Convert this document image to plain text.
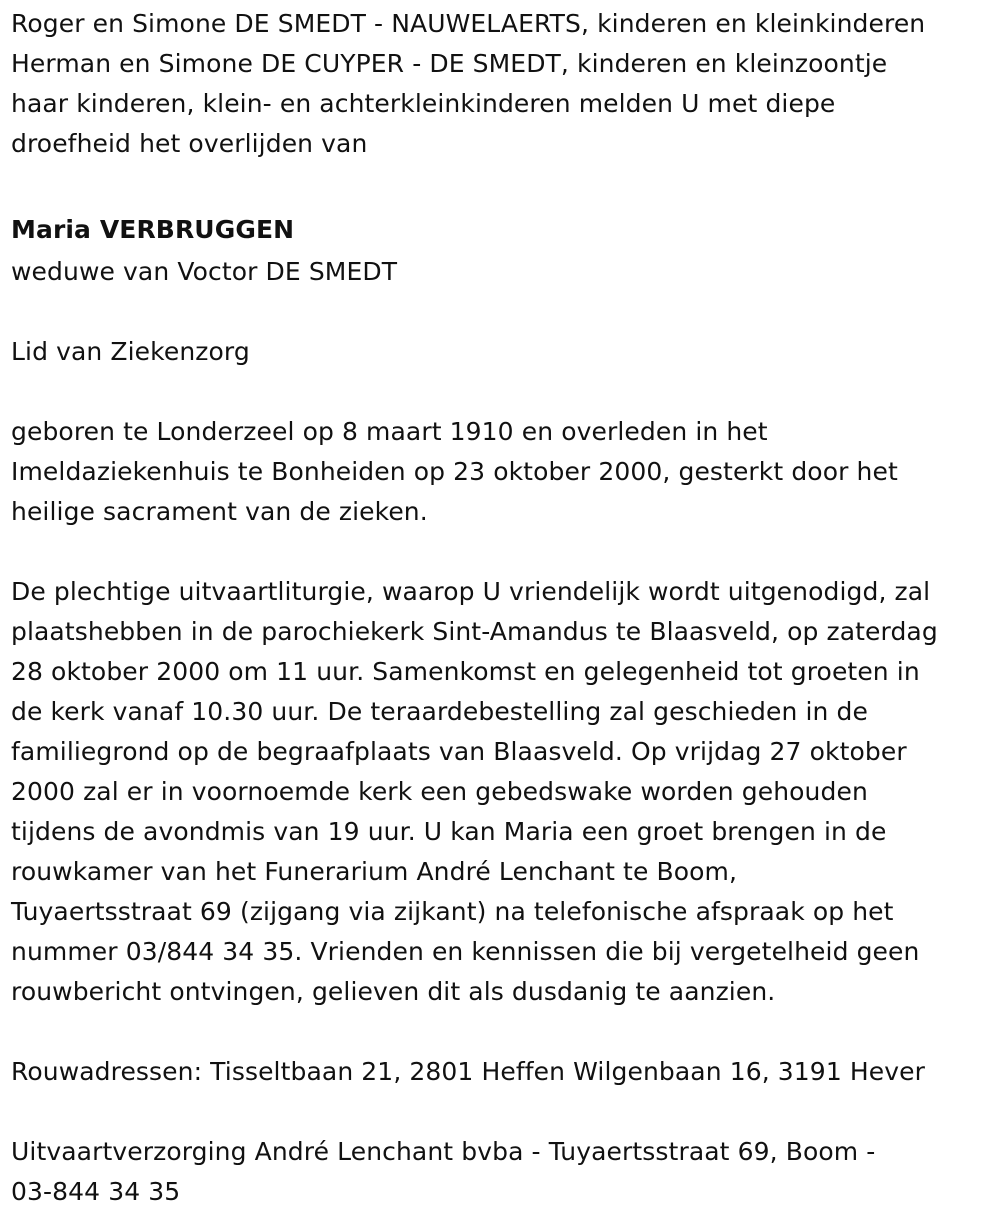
Roger en Simone DE SMEDT - NAUWELAERTS, kinderen en kleinkinderen
Herman en Simone DE CUYPER - DE SMEDT, kinderen en kleinzoontje
haar kinderen, klein- en achterkleinkinderen melden U met diepe
droefheid het overlijden van
Maria VERBRUGGEN
weduwe van Voctor DE SMEDT
Lid van Ziekenzorg
geboren te Londerzeel op 8 maart 1910 en overleden in het
Imeldaziekenhuis te Bonheiden op 23 oktober 2000, gesterkt door het
heilige sacrament van de zieken.
De plechtige uitvaartliturgie, waarop U vriendelijk wordt uitgenodigd, zal
plaatshebben in de parochiekerk Sint-Amandus te Blaasveld, op zaterdag
28 oktober 2000 om 11 uur. Samenkomst en gelegenheid tot groeten in
de kerk vanaf 10.30 uur. De teraardebestelling zal geschieden in de
familiegrond op de begraafplaats van Blaasveld. Op vrijdag 27 oktober
2000 zal er in voornoemde kerk een gebedswake worden gehouden
tijdens de avondmis van 19 uur. U kan Maria een groet brengen in de
rouwkamer van het Funerarium André Lenchant te Boom,
Tuyaertsstraat 69 (zijgang via zijkant) na telefonische afspraak op het
nummer 03/844 34 35. Vrienden en kennissen die bij vergetelheid geen
rouwbericht ontvingen, gelieven dit als dusdanig te aanzien.
Rouwadressen: Tisseltbaan 21, 2801 Heffen Wilgenbaan 16, 3191 Hever
Uitvaartverzorging André Lenchant bvba - Tuyaertsstraat 69, Boom -
03-844 34 35
